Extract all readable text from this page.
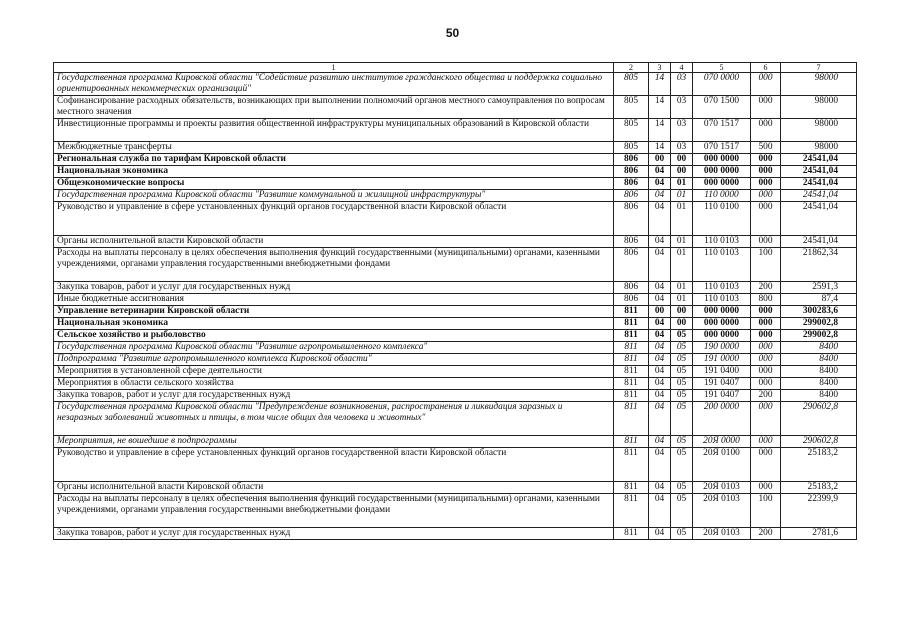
50
1	2	3	4	5	6	7
Государственная программа Кировской области "Содействие развитию институтов гражданского общества и поддержка социально ориентированных некоммерческих организаций"	805	14	03	070 0000	000	98000
Софинансирование расходных обязательств, возникающих при выполнении полномочий органов местного самоуправления по вопросам местного значения	805	14	03	070 1500	000	98000
Инвестиционные программы и проекты развития общественной инфраструктуры муниципальных образований в Кировской области	805	14	03	070 1517	000	98000
Межбюджетные трансферты	805	14	03	070 1517	500	98000
Региональная служба по тарифам Кировской области	806	00	00	000 0000	000	24541,04
Национальная экономика	806	04	00	000 0000	000	24541,04
Общеэкономические вопросы	806	04	01	000 0000	000	24541,04
Государственная программа Кировской области "Развитие коммунальной и жилищной инфраструктуры"	806	04	01	110 0000	000	24541,04
Руководство и управление в сфере установленных функций органов государственной власти Кировской области	806	04	01	110 0100	000	24541,04
Органы исполнительной власти Кировской области	806	04	01	110 0103	000	24541,04
Расходы на выплаты персоналу в целях обеспечения выполнения функций государственными (муниципальными) органами, казенными учреждениями, органами управления государственными внебюджетными фондами	806	04	01	110 0103	100	21862,34
Закупка товаров, работ и услуг для государственных нужд	806	04	01	110 0103	200	2591,3
Иные бюджетные ассигнования	806	04	01	110 0103	800	87,4
Управление ветеринарии Кировской области	811	00	00	000 0000	000	300283,6
Национальная экономика	811	04	00	000 0000	000	299002,8
Сельское хозяйство и рыболовство	811	04	05	000 0000	000	299002,8
Государственная программа Кировской области "Развитие агропромышленного комплекса"	811	04	05	190 0000	000	8400
Подпрограмма "Развитие агропромышленного комплекса Кировской области"	811	04	05	191 0000	000	8400
Мероприятия в установленной сфере деятельности	811	04	05	191 0400	000	8400
Мероприятия в области сельского хозяйства	811	04	05	191 0407	000	8400
Закупка товаров, работ и услуг для государственных нужд	811	04	05	191 0407	200	8400
Государственная программа Кировской области "Предупреждение возникновения, распространения и ликвидация заразных и незаразных заболеваний животных и птицы, в том числе общих для человека и животных"	811	04	05	200 0000	000	290602,8
Мероприятия, не вошедшие в подпрограммы	811	04	05	20Я 0000	000	290602,8
Руководство и управление в сфере установленных функций органов государственной власти Кировской области	811	04	05	20Я 0100	000	25183,2
Органы исполнительной власти Кировской области	811	04	05	20Я 0103	000	25183,2
Расходы на выплаты персоналу в целях обеспечения выполнения функций государственными (муниципальными) органами, казенными учреждениями, органами управления государственными внебюджетными фондами	811	04	05	20Я 0103	100	22399,9
Закупка товаров, работ и услуг для государственных нужд	811	04	05	20Я 0103	200	2781,6
